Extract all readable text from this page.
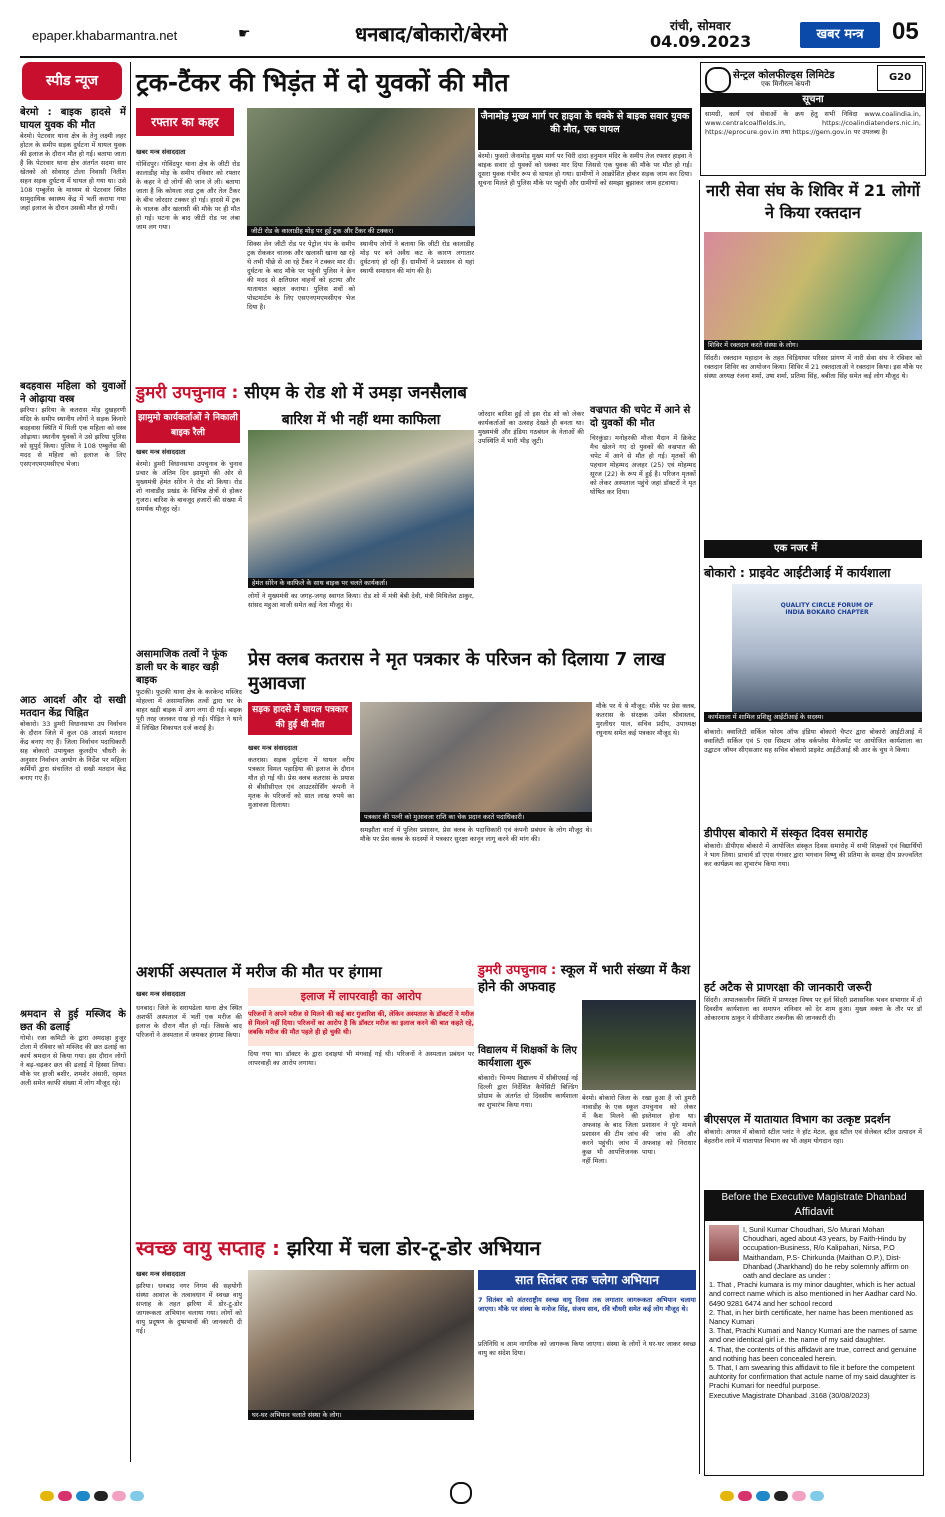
epaper.khabarmantra.net	☛	धनबाद/बोकारो/बेरमो	रांची, सोमवार
04.09.2023	खबर मन्त्र	05
स्पीड न्यूज
बेरमो : बाइक हादसे में घायल युवक की मौत
बेरमो। पेटरवार थाना क्षेत्र के तेनु लक्ष्मी लहर होटल के समीप सड़क दुर्घटना में घायल युवक की इलाज के दौरान मौत हो गई। बताया जाता है कि पेटरवार थाना क्षेत्र अंतर्गत सदमा सार खेतको ओ सोवारह टोला निवासी नितीश सहन सड़क दुर्घटना में घायल हो गया था। उसे 108 एम्बुलेंस के माध्यम से पेटरवार स्थित सामुदायिक स्वास्थ्य केंद्र में भर्ती कराया गया जहां इलाज के दौरान उसकी मौत हो गयी।
बदहवास महिला को युवाओं ने ओढ़ाया वस्त्र
झरिया। झरिया के कतरास मोड़ दुखहरणी मंदिर के समीप स्थानीय लोगों ने सड़क किनारे बदहवास स्थिति में मिली एक महिला को वस्त्र ओढ़ाया। स्थानीय युवकों ने उसे झरिया पुलिस को सुपुर्द किया। पुलिस ने 108 एम्बुलेंस की मदद से महिला को इलाज के लिए एसएनएमएमसीएच भेजा।
आठ आदर्श और दो सखी मतदान केंद्र चिह्नित
बोकारो। 33 डुमरी विधानसभा उप निर्वाचन के दौरान जिले में कुल 08 आदर्श मतदान केंद्र बनाए गए हैं। जिला निर्वाचन पदाधिकारी सह बोकारो उपायुक्त कुलदीप चौधरी के अनुसार निर्वाचन आयोग के निर्देश पर महिला कर्मियों द्वारा संचालित दो सखी मतदान केंद्र बनाए गए हैं।
श्रमदान से हुई मस्जिद के छत की ढलाई
गोमो। रजा कमिटी के द्वारा अमदाहा हुजूर टोला में रविवार को मस्जिद की छत ढलाई का कार्य श्रमदान से किया गया। इस दौरान लोगों ने बढ़-चढ़कर छत की ढलाई में हिस्सा लिया। मौके पर हाजी बशीर, शमशेर अंसारी, रहमत अली समेत काफी संख्या में लोग मौजूद रहे।
ट्रक-टैंकर की भिड़ंत में दो युवकों की मौत
रफ्तार का कहर
जीटी रोड के कालाडीह मोड़ पर हुई ट्रक और टैंकर की टक्कर।
खबर मन्त्र संवाददाता
गोविंदपुर। गोविंदपुर थाना क्षेत्र के जीटी रोड कालाडीह मोड़ के समीप रविवार को रफ्तार के कहर ने दो लोगों की जान ले ली। बताया जाता है कि कोयला लदा ट्रक और तेल टैंकर के बीच जोरदार टक्कर हो गई। हादसे में ट्रक के चालक और खलासी की मौके पर ही मौत हो गई। घटना के बाद जीटी रोड पर लंबा जाम लग गया।
सिक्स लेन जीटी रोड पर पेट्रोल पंप के समीप ट्रक रोककर चालक और खलासी खाना खा रहे थे तभी पीछे से आ रहे टैंकर ने टक्कर मार दी। दुर्घटना के बाद मौके पर पहुंची पुलिस ने क्रेन की मदद से क्षतिग्रस्त वाहनों को हटाया और यातायात बहाल कराया। पुलिस शवों को पोस्टमार्टम के लिए एसएनएमएमसीएच भेज दिया है।
स्थानीय लोगों ने बताया कि जीटी रोड कालाडीह मोड़ पर बने अवैध कट के कारण लगातार दुर्घटनाएं हो रही हैं। ग्रामीणों ने प्रशासन से यहां स्थायी समाधान की मांग की है।
जैनामोड़ मुख्य मार्ग पर हाइवा के धक्के से बाइक सवार युवक की मौत, एक घायल
बेरमो। फुसरो जैनामोड़ मुख्य मार्ग पर चिरी दादा हनुमान मंदिर के समीप तेज रफ्तार हाइवा ने बाइक सवार दो युवकों को धक्का मार दिया जिससे एक युवक की मौके पर मौत हो गई। दूसरा युवक गंभीर रूप से घायल हो गया। ग्रामीणों ने आक्रोशित होकर सड़क जाम कर दिया। सूचना मिलते ही पुलिस मौके पर पहुंची और ग्रामीणों को समझा बुझाकर जाम हटवाया।
सेन्ट्रल कोलफील्ड्स लिमिटेड
एक मिनीरत्न कंपनी
G20
सूचना
सामग्री, कार्य एवं सेवाओं के क्रय हेतु सभी निविदा www.coalindia.in, www.centralcoalfields.in, https://coalindiatenders.nic.in, https://eprocure.gov.in तथा https://gem.gov.in पर उपलब्ध है।
नारी सेवा संघ के शिविर में 21 लोगों ने किया रक्तदान
शिविर में रक्तदान करते संस्था के लोग।
सिंदरी। रक्तदान महादान के तहत चिड़ियाघर परिसर प्रांगण में नारी सेवा संघ ने रविवार को रक्तदान शिविर का आयोजन किया। शिविर में 21 रक्तदाताओं ने रक्तदान किया। इस मौके पर संस्था अध्यक्ष रंजना शर्मा, उषा शर्मा, प्रतिमा सिंह, बबीता सिंह समेत कई लोग मौजूद थे।
एक नजर में
बोकारो : प्राइवेट आईटीआई में कार्यशाला
QUALITY CIRCLE FORUM OF INDIA BOKARO CHAPTER
कार्यशाला में शामिल प्रशिक्षु आईटीआई के सदस्य।
बोकारो। क्वालिटी सर्किल फोरम ऑफ इंडिया बोकारो चैप्टर द्वारा बोकारो आईटीआई में क्वालिटी सर्किल एवं 5 एस सिस्टम ऑफ वर्कप्लेस मैनेजमेंट पर आयोजित कार्यशाला का उद्घाटन जॉयन सीएसआर सह सचिव बोकारो प्राइवेट आईटीआई श्री आर के चुघ ने किया।
डीपीएस बोकारो में संस्कृत दिवस समारोह
बोकारो। डीपीएस बोकारो में आयोजित संस्कृत दिवस समारोह में सभी शिक्षकों एवं विद्यार्थियों ने भाग लिया। प्राचार्य डॉ एएस गंगवार द्वारा भगवान विष्णु की प्रतिमा के समक्ष दीप प्रज्ज्वलित कर कार्यक्रम का शुभारंभ किया गया।
हर्ट अटैक से प्राणरक्षा की जानकारी जरूरी
सिंदरी। आपातकालीन स्थिति में प्राणरक्षा विषय पर हर्ल सिंदरी प्रशासनिक भवन सभागार में दो दिवसीय कार्यशाला का समापन शनिवार को देर शाम हुआ। मुख्य वक्ता के तौर पर डॉ ओकारनाथ ठाकुर ने सीपीआर तकनीक की जानकारी दी।
बीएसएल में यातायात विभाग का उत्कृष्ट प्रदर्शन
बोकारो। अगस्त में बोकारो स्टील प्लांट ने हॉट मेटल, क्रूड स्टील एवं सेलेबल स्टील उत्पादन में बेहतरीन लाने में यातायात विभाग का भी अहम योगदान रहा।
Before the Executive Magistrate Dhanbad
Affidavit
I, Sunil Kumar Choudhari, S/o Murari Mohan Choudhari, aged about 43 years, by Faith-Hindu by occupation-Business, R/o Kalipahari, Nirsa, P.O Maithandam, P.S- Chirkunda (Maithan O.P.), Dist-Dhanbad (Jharkhand) do he reby solemnly affirm on oath and declare as under :
1. That , Prachi kumara is my minor daughter, which is her actual and correct name which is also mentioned in her Aadhar card No. 6490 9281 6474 and her school record
2. That, in her birth certificate, her name has been mentioned as Nancy Kumari
3. That, Prachi Kumari and Nancy Kumari are the names of same and one identical girl i.e. the name of my said daughter.
4. That, the contents of this affidavit are true, correct and genuine and nothing has been concealed herein.
5. That, I am swearing this affidavit to file it before the competent auhtority for confirmation that actule name of my said daughter is Prachi Kumari for needful purpose.
Executive Magistrate Dhanbad .3168 (30/08/2023)
डुमरी उपचुनाव : सीएम के रोड शो में उमड़ा जनसैलाब
झामुमो कार्यकर्ताओं ने निकाली बाइक रैली
बारिश में भी नहीं थमा काफिला
हेमंत सोरेन के काफिले के साथ बाइक पर चलते कार्यकर्ता।
खबर मन्त्र संवाददाता
बेरमो। डुमरी विधानसभा उपचुनाव के चुनाव प्रचार के अंतिम दिन झामुमो की ओर से मुख्यमंत्री हेमंत सोरेन ने रोड शो किया। रोड शो नावाडीह प्रखंड के विभिन्न क्षेत्रों से होकर गुजरा। बारिश के बावजूद हजारों की संख्या में समर्थक मौजूद रहे।
लोगों ने मुख्यमंत्री का जगह-जगह स्वागत किया। रोड शो में मंत्री बेबी देवी, मंत्री मिथिलेश ठाकुर, सांसद महुआ माजी समेत कई नेता मौजूद थे।
जोरदार बारिश हुई तो इस रोड शो को लेकर कार्यकर्ताओं का उत्साह देखते ही बनता था। मुख्यमंत्री और इंडिया गठबंधन के नेताओं की उपस्थिति में भारी भीड़ जुटी।
वज्रपात की चपेट में आने से दो युवकों की मौत
चिरकुंडा। मनोहरकी मौजा मैदान में क्रिकेट मैच खेलने गए दो युवकों की वज्रपात की चपेट में आने से मौत हो गई। मृतकों की पहचान मोहम्मद अजहर (25) एवं मोहम्मद सूरज (22) के रूप में हुई है। परिजन मृतकों को लेकर अस्पताल पहुंचे जहां डॉक्टरों ने मृत घोषित कर दिया।
असामाजिक तत्वों ने फूंक डाली घर के बाहर खड़ी बाइक
फुटकी। फुटकी थाना क्षेत्र के करकेन्द मस्जिद मोहल्ला में असामाजिक तत्वों द्वारा घर के बाहर खड़ी बाइक में आग लगा दी गई। बाइक पूरी तरह जलकर राख हो गई। पीड़ित ने थाने में लिखित शिकायत दर्ज कराई है।
प्रेस क्लब कतरास ने मृत पत्रकार के परिजन को दिलाया 7 लाख मुआवजा
सड़क हादसे में घायल पत्रकार की हुई थी मौत
पत्रकार की पत्नी को मुआवजा राशि का चेक प्रदान करते पदाधिकारी।
खबर मन्त्र संवाददाता
कतरास। सड़क दुर्घटना में घायल वरीय पत्रकार विमल पहाड़िया की इलाज के दौरान मौत हो गई थी। प्रेस क्लब कतरास के प्रयास से बीसीसीएल एवं आउटसोर्सिंग कंपनी ने मृतक के परिजनों को सात लाख रुपये का मुआवजा दिलाया।
समझौता वार्ता में पुलिस प्रशासन, प्रेस क्लब के पदाधिकारी एवं कंपनी प्रबंधन के लोग मौजूद थे। मौके पर प्रेस क्लब के सदस्यों ने पत्रकार सुरक्षा कानून लागू करने की मांग की।
मौके पर ये थे मौजूद: मौके पर प्रेस क्लब, कतरास के संरक्षक उमेश श्रीवास्तव, मुरलीधर पाल, सचिव प्रदीप, उपाध्यक्ष रघुनाथ समेत कई पत्रकार मौजूद थे।
अशर्फी अस्पताल में मरीज की मौत पर हंगामा
इलाज में लापरवाही का आरोप
खबर मन्त्र संवाददाता
परिजनों ने अपने मरीज से मिलने की कई बार गुजारिश की, लेकिन अस्पताल के डॉक्टरों ने मरीज से मिलने नहीं दिया। परिजनों का आरोप है कि डॉक्टर मरीज का इलाज करने की बात कहते रहे, जबकि मरीज की मौत पहले ही हो चुकी थी।
धनबाद। जिले के सरायढेला थाना क्षेत्र स्थित अशर्फी अस्पताल में भर्ती एक मरीज की इलाज के दौरान मौत हो गई। जिसके बाद परिजनों ने अस्पताल में जमकर हंगामा किया।
दिया गया था। डॉक्टर के द्वारा दवाइयां भी मंगवाई गई थी। परिजनों ने अस्पताल प्रबंधन पर लापरवाही का आरोप लगाया।
विद्यालय में शिक्षकों के लिए कार्यशाला शुरू
बोकारो। चिन्मय विद्यालय में सीबीएसई नई दिल्ली द्वारा निर्देशित कैपेसिटी बिल्डिंग प्रोग्राम के अंतर्गत दो दिवसीय कार्यशाला का शुभारंभ किया गया।
डुमरी उपचुनाव : स्कूल में भारी संख्या में कैश होने की अफवाह
बेरमो। बोकारो जिला के नावाडीह के एक स्कूल में कैश मिलने की अफवाह के बाद जिला प्रशासन की टीम जांच करने पहुंची। जांच में कुछ भी आपत्तिजनक नहीं मिला।
रखा हुआ है जो डुमरी उपचुनाव को लेकर इस्तेमाल होना था। प्रशासन ने पूरे मामले की जांच की और अफवाह को निराधार पाया।
स्वच्छ वायु सप्ताह : झरिया में चला डोर-टू-डोर अभियान
खबर मन्त्र संवाददाता
झरिया। धनबाद नगर निगम की सहयोगी संस्था आवाज के तत्वावधान में स्वच्छ वायु सप्ताह के तहत झरिया में डोर-टू-डोर जागरूकता अभियान चलाया गया। लोगों को वायु प्रदूषण के दुष्प्रभावों की जानकारी दी गई।
घर-घर अभियान चलाते संस्था के लोग।
सात सितंबर तक चलेगा अभियान
7 सितंबर को अंतरराष्ट्रीय स्वच्छ वायु दिवस तक लगातार जागरूकता अभियान चलाया जाएगा। मौके पर संस्था के मनोज सिंह, संजय साव, रवि चौधरी समेत कई लोग मौजूद थे।
प्रतिनिधि व आम नागरिक को जागरूक किया जाएगा। संस्था के लोगों ने घर-घर जाकर स्वच्छ वायु का संदेश दिया।
